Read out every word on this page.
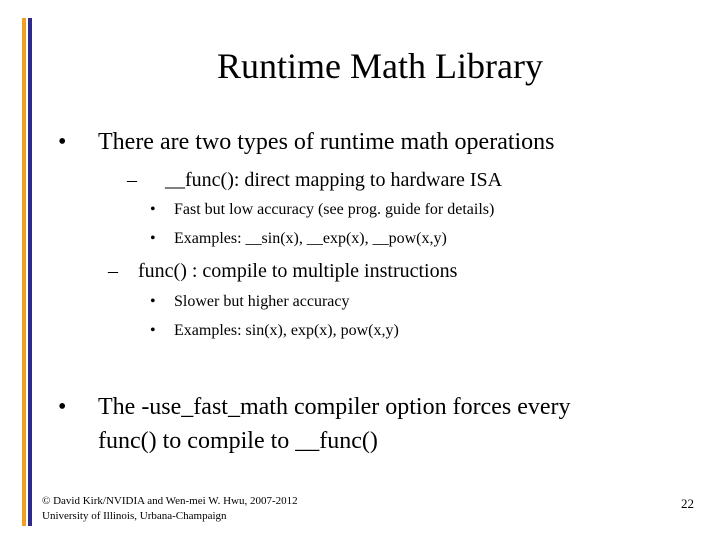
Runtime Math Library
• There are two types of runtime math operations
– __func(): direct mapping to hardware ISA
• Fast but low accuracy (see prog. guide for details)
• Examples: __sin(x), __exp(x), __pow(x,y)
– func() : compile to multiple instructions
• Slower but higher accuracy
• Examples: sin(x), exp(x), pow(x,y)
• The -use_fast_math compiler option forces every
func() to compile to __func()
© David Kirk/NVIDIA and Wen-mei W. Hwu, 2007-2012
University of Illinois, Urbana-Champaign
22
